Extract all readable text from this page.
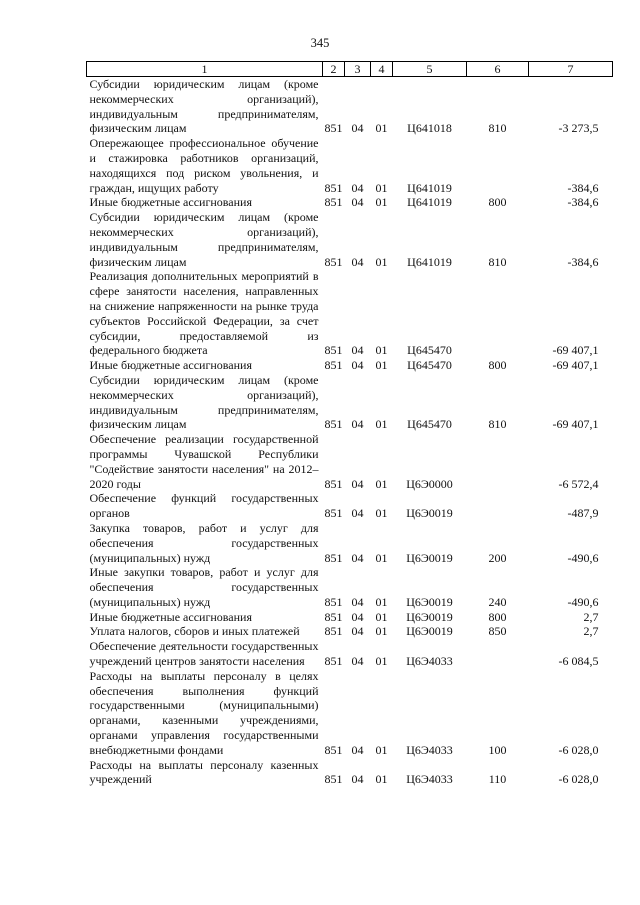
345
1	2	3	4	5	6	7
Субсидии юридическим лицам (кроме некоммерческих организаций), индивидуальным предпринимателям, физическим лицам	851	04	01	Ц641018	810	-3 273,5
Опережающее профессиональное обучение и стажировка работников организаций, находящихся под риском увольнения, и граждан, ищущих работу	851	04	01	Ц641019		-384,6
Иные бюджетные ассигнования	851	04	01	Ц641019	800	-384,6
Субсидии юридическим лицам (кроме некоммерческих организаций), индивидуальным предпринимателям, физическим лицам	851	04	01	Ц641019	810	-384,6
Реализация дополнительных мероприятий в сфере занятости населения, направленных на снижение напряженности на рынке труда субъектов Российской Федерации, за счет субсидии, предоставляемой из федерального бюджета	851	04	01	Ц645470		-69 407,1
Иные бюджетные ассигнования	851	04	01	Ц645470	800	-69 407,1
Субсидии юридическим лицам (кроме некоммерческих организаций), индивидуальным предпринимателям, физическим лицам	851	04	01	Ц645470	810	-69 407,1
Обеспечение реализации государственной программы Чувашской Республики "Содействие занятости населения" на 2012–2020 годы	851	04	01	Ц6Э0000		-6 572,4
Обеспечение функций государственных органов	851	04	01	Ц6Э0019		-487,9
Закупка товаров, работ и услуг для обеспечения государственных (муниципальных) нужд	851	04	01	Ц6Э0019	200	-490,6
Иные закупки товаров, работ и услуг для обеспечения государственных (муниципальных) нужд	851	04	01	Ц6Э0019	240	-490,6
Иные бюджетные ассигнования	851	04	01	Ц6Э0019	800	2,7
Уплата налогов, сборов и иных платежей	851	04	01	Ц6Э0019	850	2,7
Обеспечение деятельности государственных учреждений центров занятости населения	851	04	01	Ц6Э4033		-6 084,5
Расходы на выплаты персоналу в целях обеспечения выполнения функций государственными (муниципальными) органами, казенными учреждениями, органами управления государственными внебюджетными фондами	851	04	01	Ц6Э4033	100	-6 028,0
Расходы на выплаты персоналу казенных учреждений	851	04	01	Ц6Э4033	110	-6 028,0
